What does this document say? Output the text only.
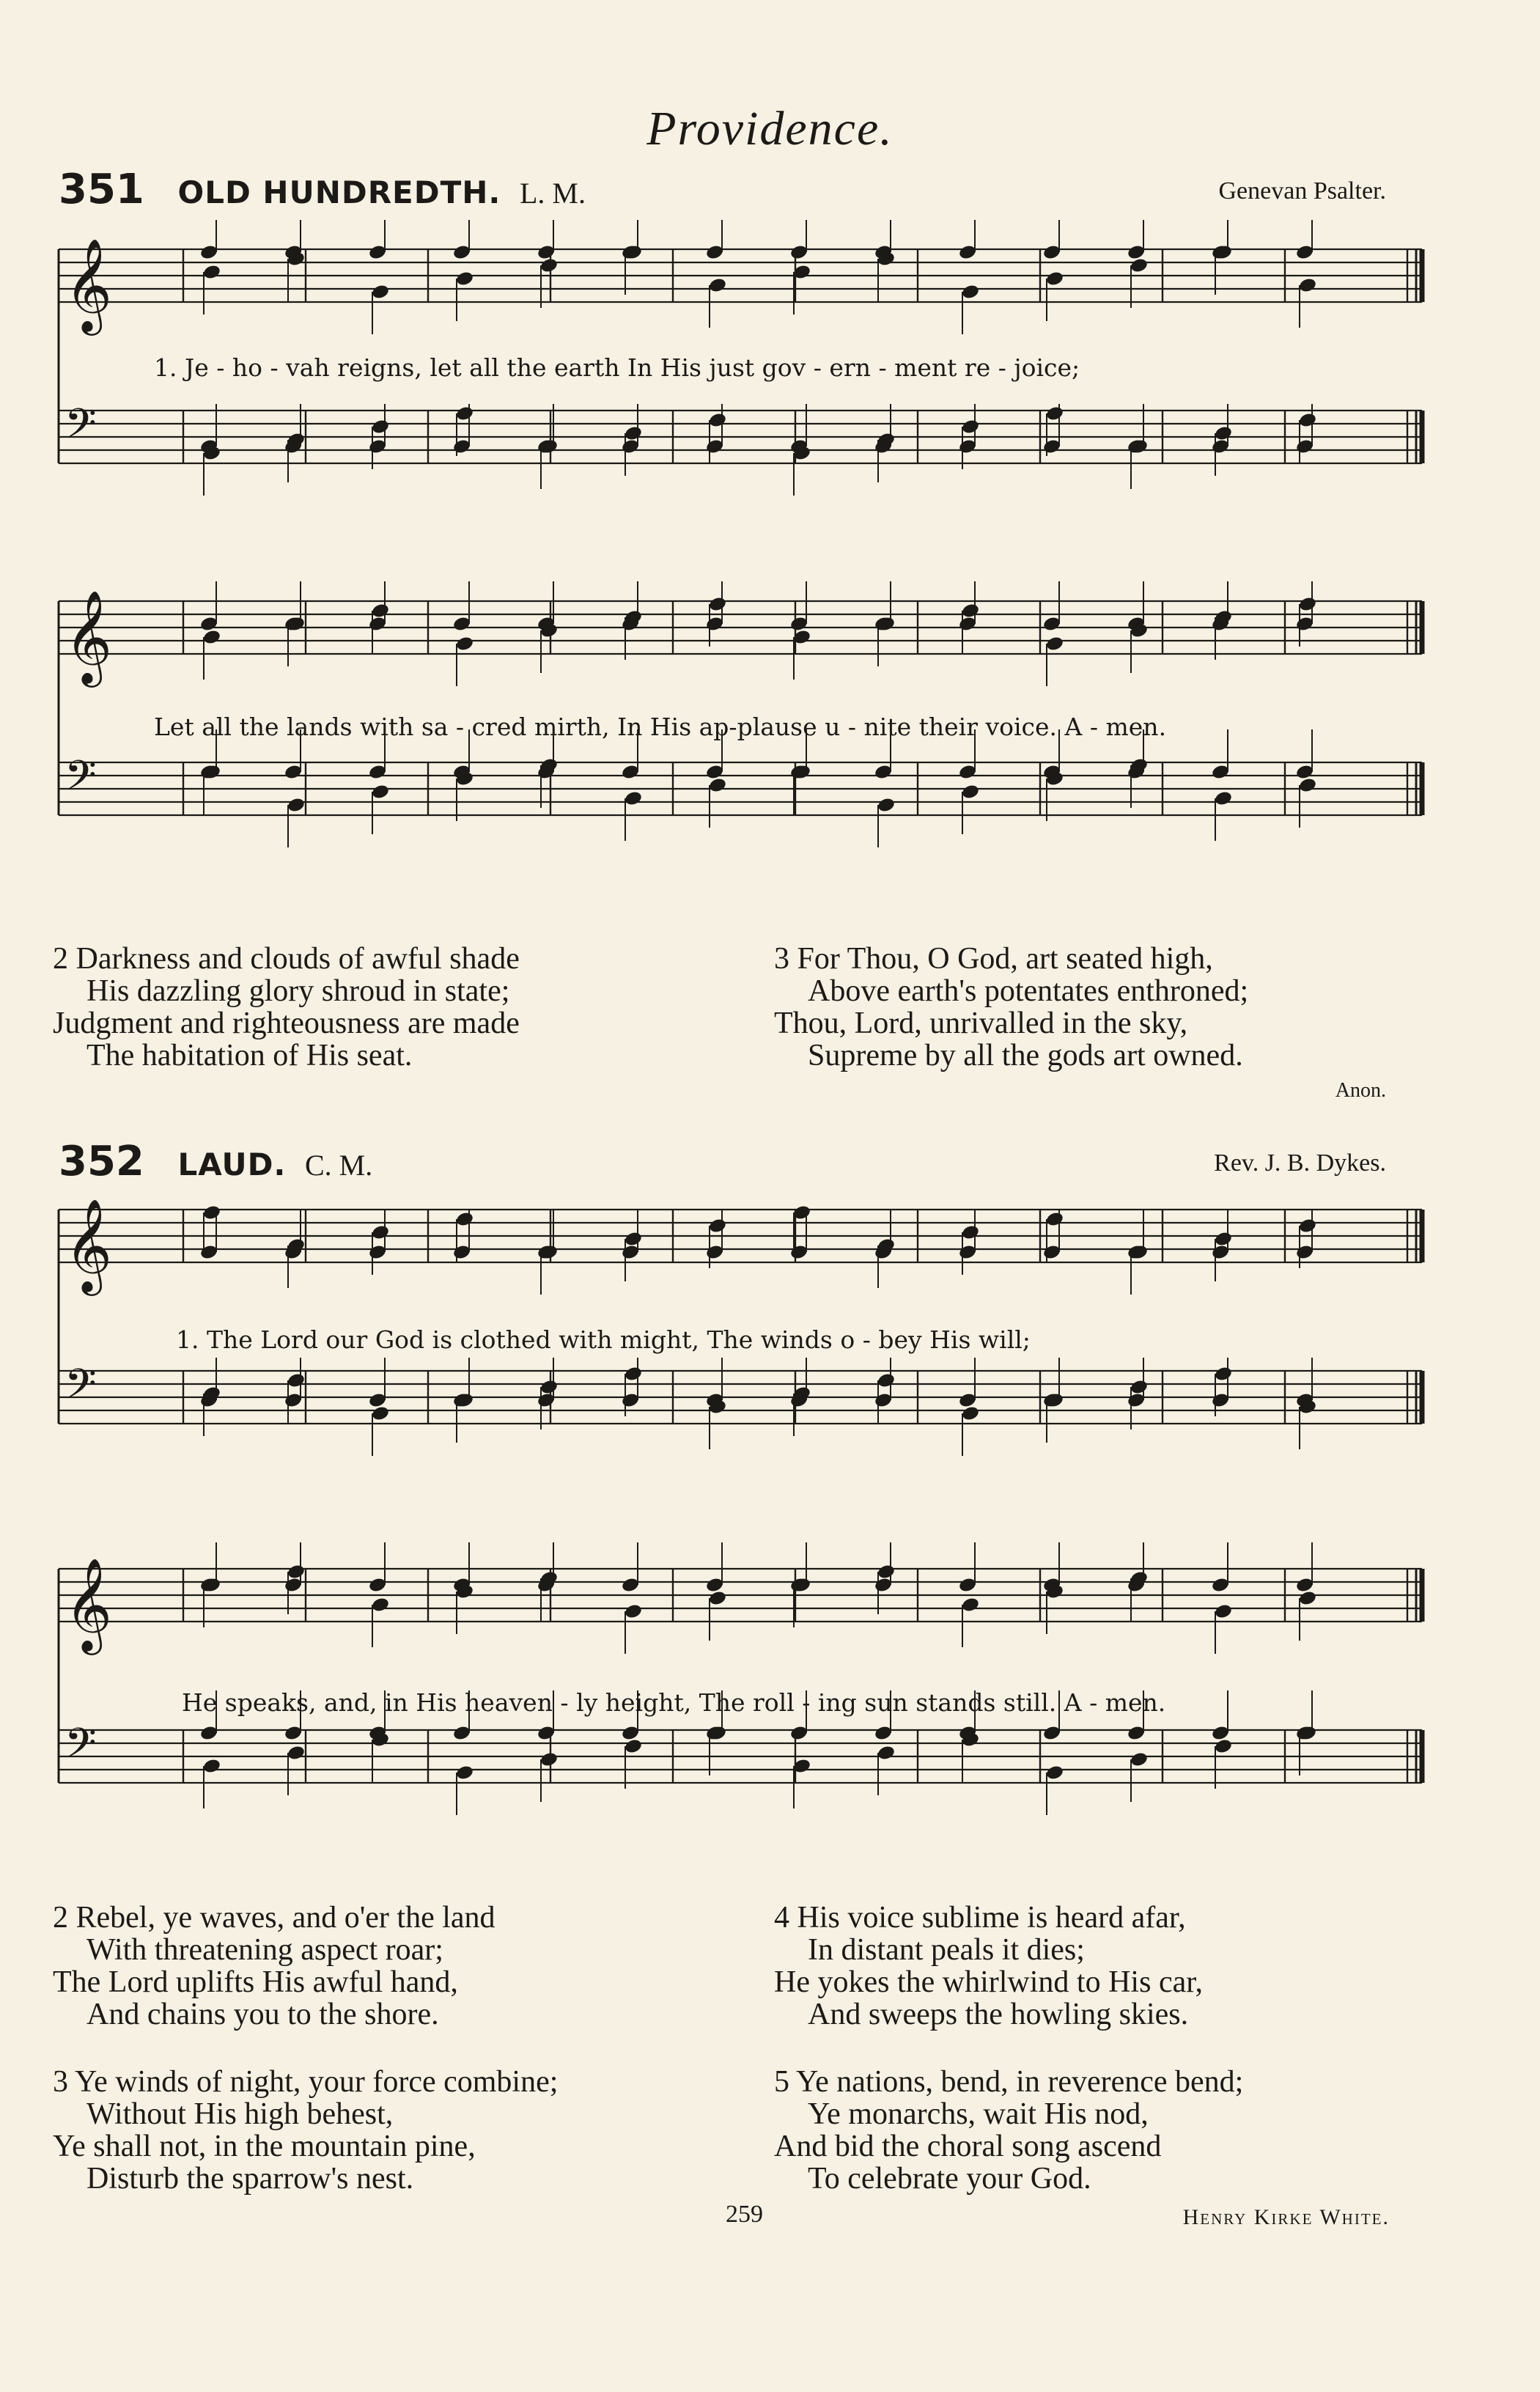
Providence.
351 OLD HUNDREDTH. L. M.	Genevan Psalter.
𝄞
𝄢
1. Je - ho - vah reigns, let all the earth In His just gov - ern - ment re - joice;
𝄞
𝄢
Let all the lands with sa - cred mirth, In His ap-plause u - nite their voice. A - men.
2 Darkness and clouds of awful shade
His dazzling glory shroud in state;
Judgment and righteousness are made
The habitation of His seat.
3 For Thou, O God, art seated high,
Above earth's potentates enthroned;
Thou, Lord, unrivalled in the sky,
Supreme by all the gods art owned.
Anon.
352 LAUD. C. M.	Rev. J. B. Dykes.
𝄞
𝄢
1. The Lord our God is clothed with might, The winds o - bey His will;
𝄞
𝄢
He speaks, and, in His heaven - ly height, The roll - ing sun stands still. A - men.
2 Rebel, ye waves, and o'er the land
With threatening aspect roar;
The Lord uplifts His awful hand,
And chains you to the shore.
4 His voice sublime is heard afar,
In distant peals it dies;
He yokes the whirlwind to His car,
And sweeps the howling skies.
3 Ye winds of night, your force combine;
Without His high behest,
Ye shall not, in the mountain pine,
Disturb the sparrow's nest.
5 Ye nations, bend, in reverence bend;
Ye monarchs, wait His nod,
And bid the choral song ascend
To celebrate your God.
259	Henry Kirke White.
